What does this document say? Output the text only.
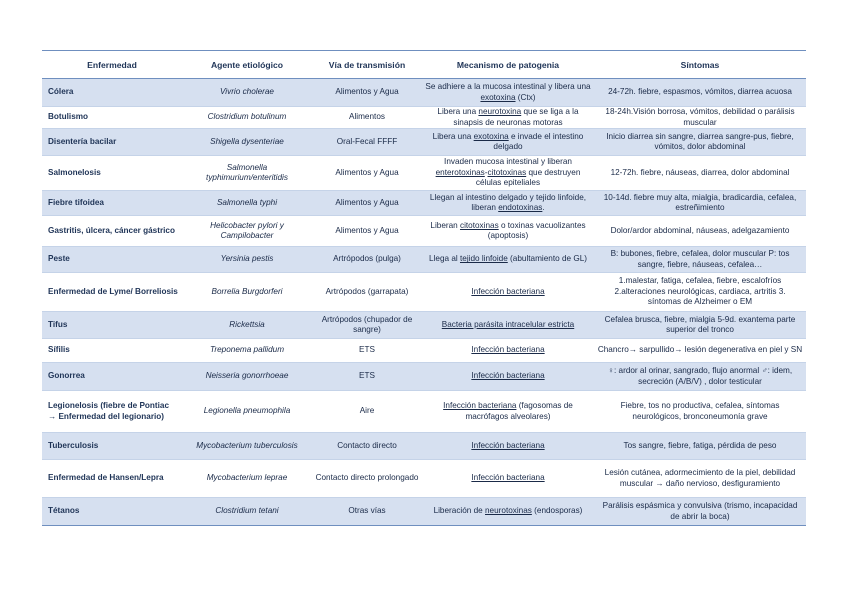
Enfermedad	Agente etiológico	Vía de transmisión	Mecanismo de patogenia	Síntomas
Cólera	Vivrio cholerae	Alimentos y Agua	Se adhiere a la mucosa intestinal y libera una exotoxina (Ctx)	24-72h. fiebre, espasmos, vómitos, diarrea acuosa
Botulismo	Clostridium botulinum	Alimentos	Libera una neurotoxina que se liga a la sinapsis de neuronas motoras	18-24h.Visión borrosa, vómitos, debilidad o parálisis muscular
Disentería bacilar	Shigella dysenteriae	Oral-Fecal FFFF	Libera una exotoxina e invade el intestino delgado	Inicio diarrea sin sangre, diarrea sangre-pus, fiebre, vómitos, dolor abdominal
Salmonelosis	Salmonella typhimurium/enteritidis	Alimentos y Agua	Invaden mucosa intestinal y liberan enterotoxinas-citotoxinas que destruyen células epiteliales	12-72h. fiebre, náuseas, diarrea, dolor abdominal
Fiebre tifoidea	Salmonella typhi	Alimentos y Agua	Llegan al intestino delgado y tejido linfoide, liberan endotoxinas.	10-14d. fiebre muy alta, mialgia, bradicardia, cefalea, estreñimiento
Gastritis, úlcera, cáncer gástrico	Helicobacter pylori y Campilobacter	Alimentos y Agua	Liberan citotoxinas o toxinas vacuolizantes (apoptosis)	Dolor/ardor abdominal, náuseas, adelgazamiento
Peste	Yersinia pestis	Artrópodos (pulga)	Llega al tejido linfoide (abultamiento de GL)	B: bubones, fiebre, cefalea, dolor muscular P: tos sangre, fiebre, náuseas, cefalea…
Enfermedad de Lyme/ Borreliosis	Borrelia Burgdorferi	Artrópodos (garrapata)	Infección bacteriana	1.malestar, fatiga, cefalea, fiebre, escalofríos 2.alteraciones neurológicas, cardiaca, artritis 3. síntomas de Alzheimer o EM
Tifus	Rickettsia	Artrópodos (chupador de sangre)	Bacteria parásita intracelular estricta	Cefalea brusca, fiebre, mialgia 5-9d. exantema parte superior del tronco
Sífilis	Treponema pallidum	ETS	Infección bacteriana	Chancro→ sarpullido→ lesión degenerativa en piel y SN
Gonorrea	Neisseria gonorrhoeae	ETS	Infección bacteriana	♀: ardor al orinar, sangrado, flujo anormal ♂: idem, secreción (A/B/V) , dolor testicular
Legionelosis (fiebre de Pontiac → Enfermedad del legionario)	Legionella pneumophila	Aire	Infección bacteriana (fagosomas de macrófagos alveolares)	Fiebre, tos no productiva, cefalea, síntomas neurológicos, bronconeumonía grave
Tuberculosis	Mycobacterium tuberculosis	Contacto directo	Infección bacteriana	Tos sangre, fiebre, fatiga, pérdida de peso
Enfermedad de Hansen/Lepra	Mycobacterium leprae	Contacto directo prolongado	Infección bacteriana	Lesión cutánea, adormecimiento de la piel, debilidad muscular → daño nervioso, desfiguramiento
Tétanos	Clostridium tetani	Otras vías	Liberación de neurotoxinas (endosporas)	Parálisis espásmica y convulsiva (trismo, incapacidad de abrir la boca)
